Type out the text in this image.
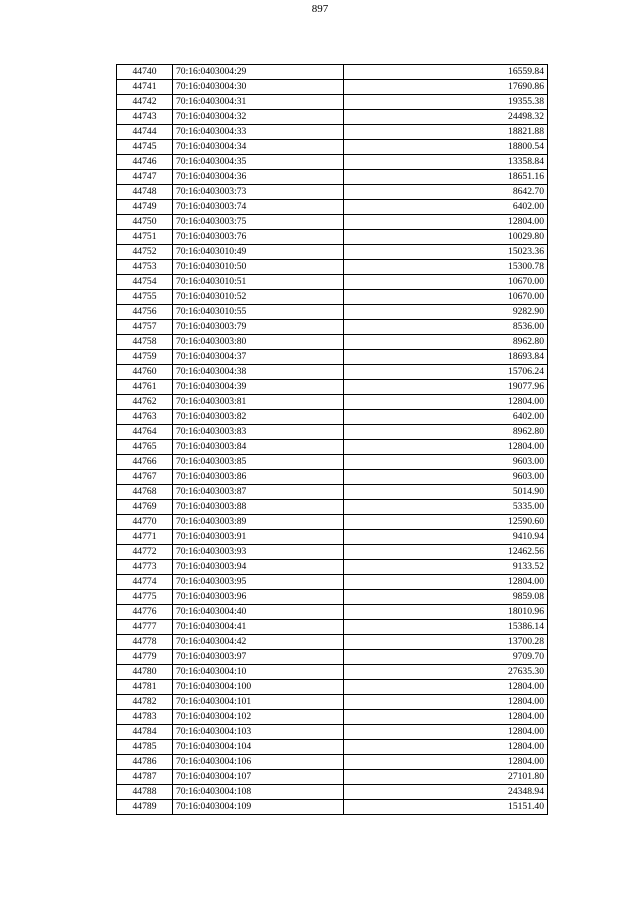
897
44740	70:16:0403004:29	16559.84
44741	70:16:0403004:30	17690.86
44742	70:16:0403004:31	19355.38
44743	70:16:0403004:32	24498.32
44744	70:16:0403004:33	18821.88
44745	70:16:0403004:34	18800.54
44746	70:16:0403004:35	13358.84
44747	70:16:0403004:36	18651.16
44748	70:16:0403003:73	8642.70
44749	70:16:0403003:74	6402.00
44750	70:16:0403003:75	12804.00
44751	70:16:0403003:76	10029.80
44752	70:16:0403010:49	15023.36
44753	70:16:0403010:50	15300.78
44754	70:16:0403010:51	10670.00
44755	70:16:0403010:52	10670.00
44756	70:16:0403010:55	9282.90
44757	70:16:0403003:79	8536.00
44758	70:16:0403003:80	8962.80
44759	70:16:0403004:37	18693.84
44760	70:16:0403004:38	15706.24
44761	70:16:0403004:39	19077.96
44762	70:16:0403003:81	12804.00
44763	70:16:0403003:82	6402.00
44764	70:16:0403003:83	8962.80
44765	70:16:0403003:84	12804.00
44766	70:16:0403003:85	9603.00
44767	70:16:0403003:86	9603.00
44768	70:16:0403003:87	5014.90
44769	70:16:0403003:88	5335.00
44770	70:16:0403003:89	12590.60
44771	70:16:0403003:91	9410.94
44772	70:16:0403003:93	12462.56
44773	70:16:0403003:94	9133.52
44774	70:16:0403003:95	12804.00
44775	70:16:0403003:96	9859.08
44776	70:16:0403004:40	18010.96
44777	70:16:0403004:41	15386.14
44778	70:16:0403004:42	13700.28
44779	70:16:0403003:97	9709.70
44780	70:16:0403004:10	27635.30
44781	70:16:0403004:100	12804.00
44782	70:16:0403004:101	12804.00
44783	70:16:0403004:102	12804.00
44784	70:16:0403004:103	12804.00
44785	70:16:0403004:104	12804.00
44786	70:16:0403004:106	12804.00
44787	70:16:0403004:107	27101.80
44788	70:16:0403004:108	24348.94
44789	70:16:0403004:109	15151.40
